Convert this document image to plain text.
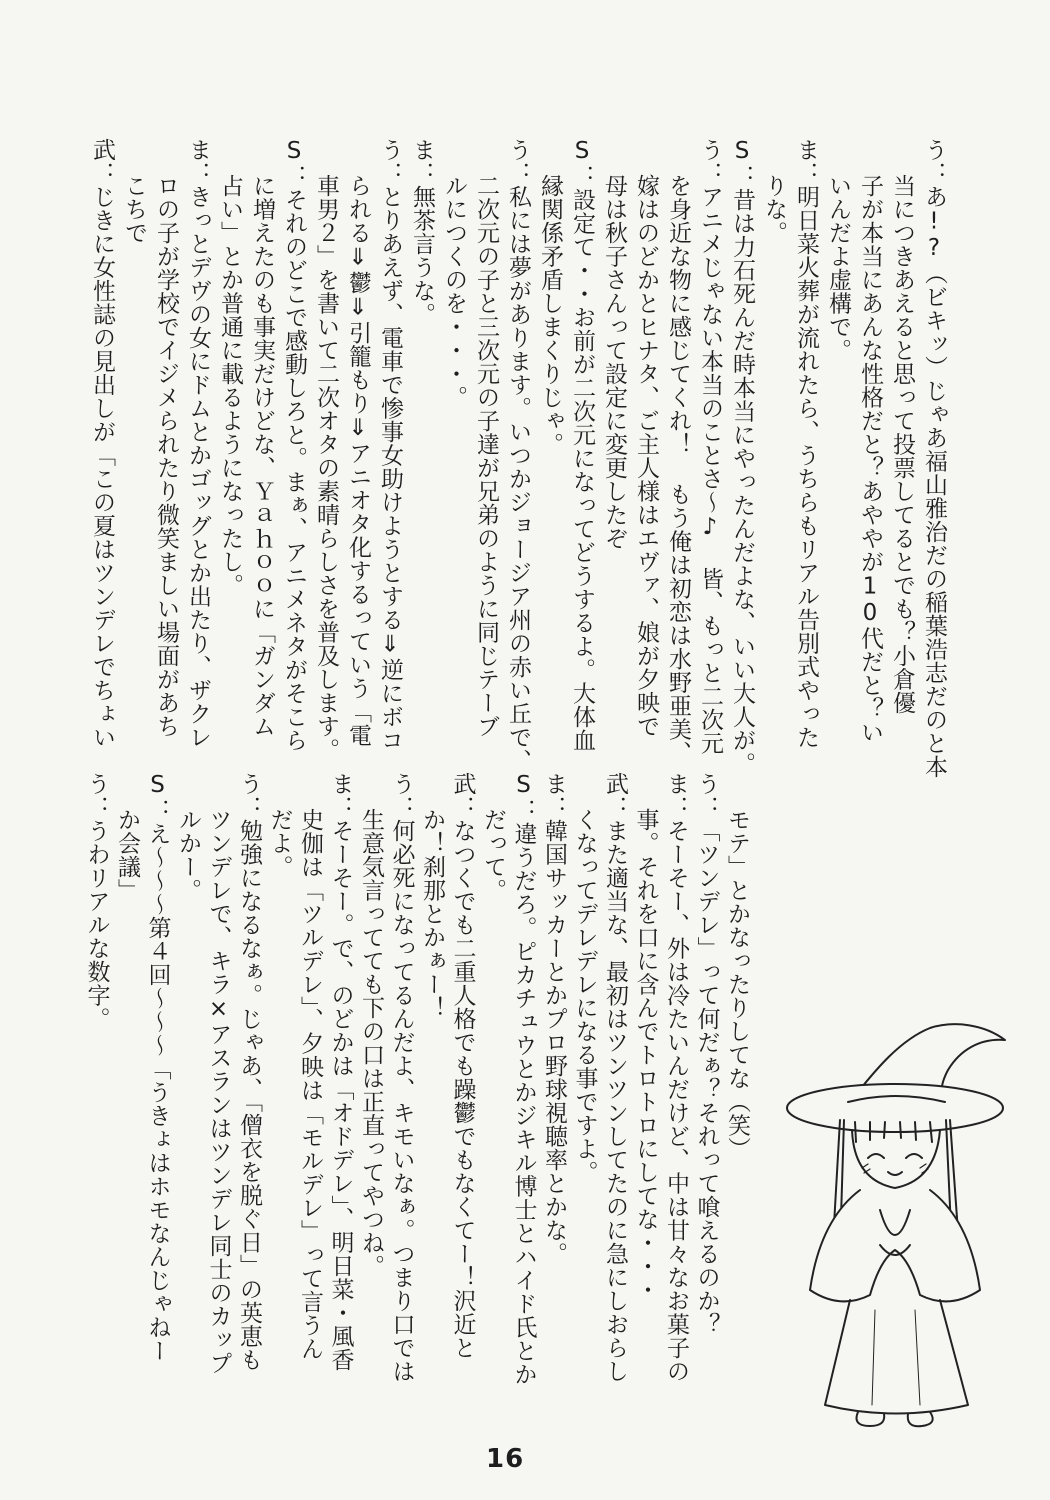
う：あ!?（ビキッ）じゃあ福山雅治だの稲葉浩志だのと本
当につきあえると思って投票してるとでも？小倉優
子が本当にあんな性格だと？あややが10代だと？い
いんだよ虚構で。
ま：明日菜火葬が流れたら、うちらもリアル告別式やった
りな。
S：昔は力石死んだ時本当にやったんだよな、いい大人が。
う：アニメじゃない本当のことさ〜♪ 皆、もっと二次元
を身近な物に感じてくれ！ もう俺は初恋は水野亜美、
嫁はのどかとヒナタ、ご主人様はエヴァ、娘が夕映で
母は秋子さんって設定に変更したぞ
S：設定て・・お前が二次元になってどうするよ。大体血
縁関係矛盾しまくりじゃ。
う：私には夢があります。いつかジョージア州の赤い丘で、
二次元の子と三次元の子達が兄弟のように同じテーブ
ルにつくのを・・・。
ま：無茶言うな。
う：とりあえず、電車で惨事女助けようとする⇓逆にボコ
られる⇓鬱⇓引籠もり⇓アニオタ化するっていう「電
車男２」を書いて二次オタの素晴らしさを普及します。
S：それのどこで感動しろと。まぁ、アニメネタがそこら
に増えたのも事実だけどな、Ｙａｈｏｏに「ガンダム
占い」とか普通に載るようになったし。
ま：きっとデヴの女にドムとかゴッグとか出たり、ザクレ
ロの子が学校でイジメられたり微笑ましい場面があち
こちで
武：じきに女性誌の見出しが「この夏はツンデレでちょい
モテ」とかなったりしてな（笑）
う：「ツンデレ」って何だぁ？それって喰えるのか？
ま：そーそー、外は冷たいんだけど、中は甘々なお菓子の
事。それを口に含んでトロトロにしてな・・・
武：また適当な、最初はツンツンしてたのに急にしおらし
くなってデレデレになる事ですよ。
ま：韓国サッカーとかプロ野球視聴率とかな。
S：違うだろ。ピカチュウとかジキル博士とハイド氏とか
だって。
武：なつくでも二重人格でも躁鬱でもなくてー！沢近と
か！刹那とかぁー！
う：何必死になってるんだよ、キモいなぁ。つまり口では
生意気言ってても下の口は正直ってやつね。
ま：そーそー。で、のどかは「オドデレ」、明日菜・風香
史伽は「ツルデレ」、夕映は「モルデレ」って言うん
だよ。
う：勉強になるなぁ。じゃあ、「僧衣を脱ぐ日」の英恵も
ツンデレで、キラ×アスランはツンデレ同士のカップ
ルかー。
S：え〜〜〜第４回〜〜〜「うきょはホモなんじゃねー
か会議」
う：うわリアルな数字。
16
